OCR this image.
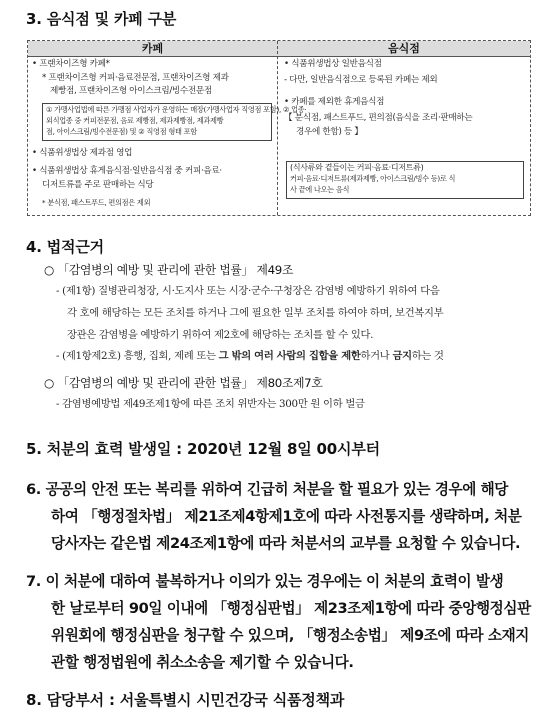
3. 음식점 및 카페 구분
카페	음식점
• 프랜차이즈형 카페*
* 프랜차이즈형 커피·음료전문점, 프랜차이즈형 제과
제빵점, 프랜차이즈형 아이스크림/빙수전문점
① 가맹사업법에 따른 가맹점 사업자가 운영하는 매장(가맹사업자 직영점 포함), ② 업종·
외식업종 중 커피전문점, 음료 제빵점, 제과제빵점, 제과제빵
점, 아이스크림/빙수전문점) 및 ② 직영점 형태 포함
• 식품위생법상 제과점 영업
• 식품위생법상 휴게음식점·일반음식점 중 커피·음료·
디저트류를 주로 판매하는 식당
* 분식점, 패스트푸드, 편의점은 제외
• 식품위생법상 일반음식점
- 다만, 일반음식점으로 등록된 카페는 제외
• 카페를 제외한 휴게음식점
【 분식점, 패스트푸드, 편의점(음식을 조리·판매하는
경우에 한함) 등 】
(식사류와 곁들이는 커피·음료·디저트류)
커피·음료·디저트류(제과제빵, 아이스크림/빙수 등)로 식
사 끝에 나오는 음식
4. 법적근거
○ 「감염병의 예방 및 관리에 관한 법률」 제49조
- (제1항) 질병관리청장, 시·도지사 또는 시장·군수·구청장은 감염병 예방하기 위하여 다음
각 호에 해당하는 모든 조치를 하거나 그에 필요한 일부 조치를 하여야 하며, 보건복지부
장관은 감염병을 예방하기 위하여 제2호에 해당하는 조치를 할 수 있다.
- (제1항제2호) 흥행, 집회, 제례 또는 그 밖의 여러 사람의 집합을 제한하거나 금지하는 것
○ 「감염병의 예방 및 관리에 관한 법률」 제80조제7호
- 감염병예방법 제49조제1항에 따른 조치 위반자는 300만 원 이하 벌금
5. 처분의 효력 발생일 : 2020년 12월 8일 00시부터
6. 공공의 안전 또는 복리를 위하여 긴급히 처분을 할 필요가 있는 경우에 해당
하여 「행정절차법」 제21조제4항제1호에 따라 사전통지를 생략하며, 처분
당사자는 같은법 제24조제1항에 따라 처분서의 교부를 요청할 수 있습니다.
7. 이 처분에 대하여 불복하거나 이의가 있는 경우에는 이 처분의 효력이 발생
한 날로부터 90일 이내에 「행정심판법」 제23조제1항에 따라 중앙행정심판
위원회에 행정심판을 청구할 수 있으며, 「행정소송법」 제9조에 따라 소재지
관할 행정법원에 취소소송을 제기할 수 있습니다.
8. 담당부서 : 서울특별시 시민건강국 식품정책과
